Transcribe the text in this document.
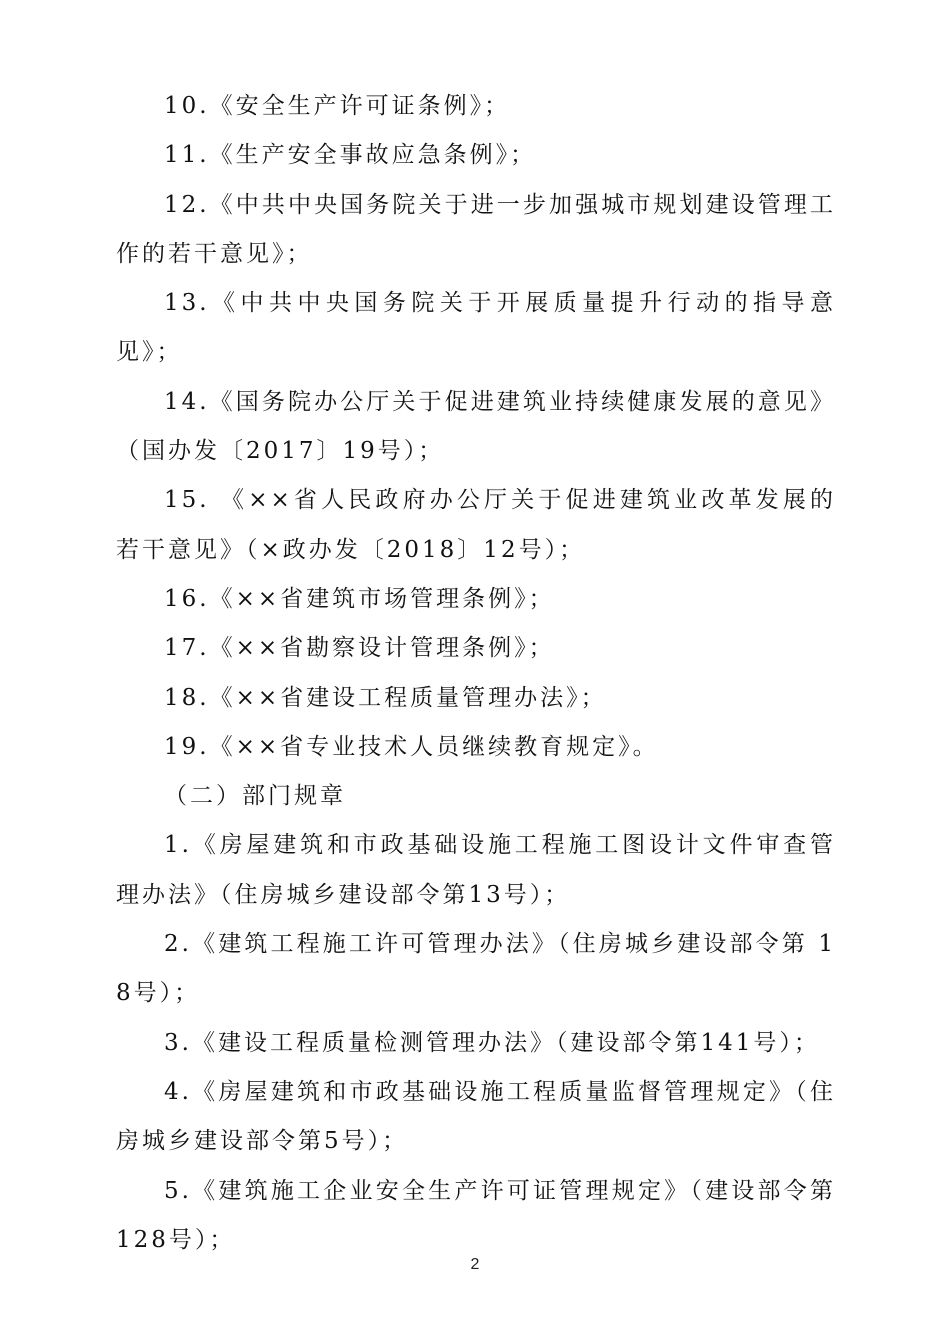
10.《安全生产许可证条例》；

11.《生产安全事故应急条例》；

12.《中共中央国务院关于进一步加强城市规划建设管理工作的若干意见》；

13.《中共中央国务院关于开展质量提升行动的指导意见》；

14.《国务院办公厅关于促进建筑业持续健康发展的意见》（国办发〔2017〕19号）；

15. 《××省人民政府办公厅关于促进建筑业改革发展的若干意见》（×政办发〔2018〕12号）；

16.《××省建筑市场管理条例》；

17.《××省勘察设计管理条例》；

18.《××省建设工程质量管理办法》；

19.《××省专业技术人员继续教育规定》。

（二）部门规章

1.《房屋建筑和市政基础设施工程施工图设计文件审查管理办法》（住房城乡建设部令第13号）；

2.《建筑工程施工许可管理办法》（住房城乡建设部令第 18号）；

3.《建设工程质量检测管理办法》（建设部令第141号）；

4.《房屋建筑和市政基础设施工程质量监督管理规定》（住房城乡建设部令第5号）；

5.《建筑施工企业安全生产许可证管理规定》（建设部令第128号）；

2
